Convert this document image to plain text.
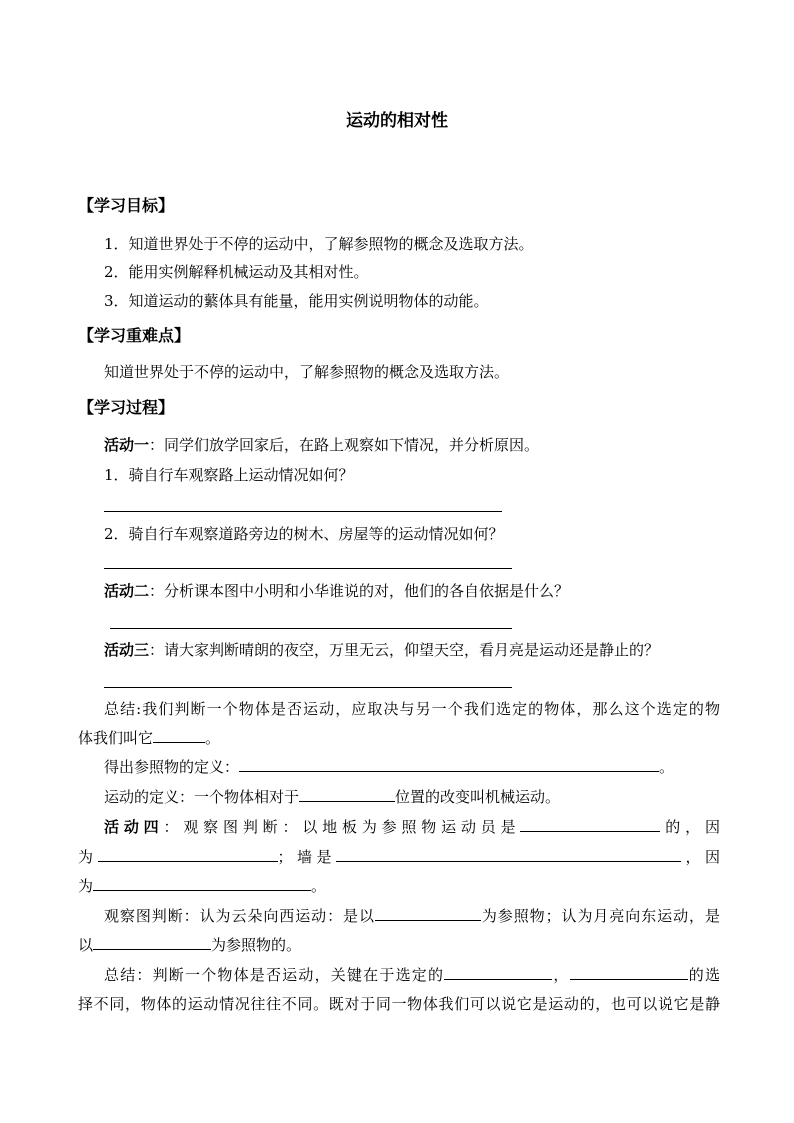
运动的相对性
【学习目标】
1．知道世界处于不停的运动中，了解参照物的概念及选取方法。
2．能用实例解释机械运动及其相对性。
3．知道运动的蘩体具有能量，能用实例说明物体的动能。
【学习重难点】
知道世界处于不停的运动中，了解参照物的概念及选取方法。
【学习过程】
活动一：同学们放学回家后，在路上观察如下情况，并分析原因。
1．骑自行车观察路上运动情况如何？
2．骑自行车观察道路旁边的树木、房屋等的运动情况如何？
活动二：分析课本图中小明和小华谁说的对，他们的各自依据是什么？
活动三：请大家判断晴朗的夜空，万里无云，仰望天空，看月亮是运动还是静止的？
总结:我们判断一个物体是否运动，应取决与另一个我们选定的物体，那么这个选定的物
体我们叫它	。
得出参照物的定义：	。
运动的定义：一个物体相对于	位置的改变叫机械运动。
活动四：观察图判断：以地板为参照物运动员是	的，因
为	；墙是	，因
为	。
观察图判断：认为云朵向西运动：是以	为参照物；认为月亮向东运动，是
以	为参照物的。
总结：判断一个物体是否运动，关键在于选定的	，	的选
择不同，物体的运动情况往往不同。既对于同一物体我们可以说它是运动的，也可以说它是静
